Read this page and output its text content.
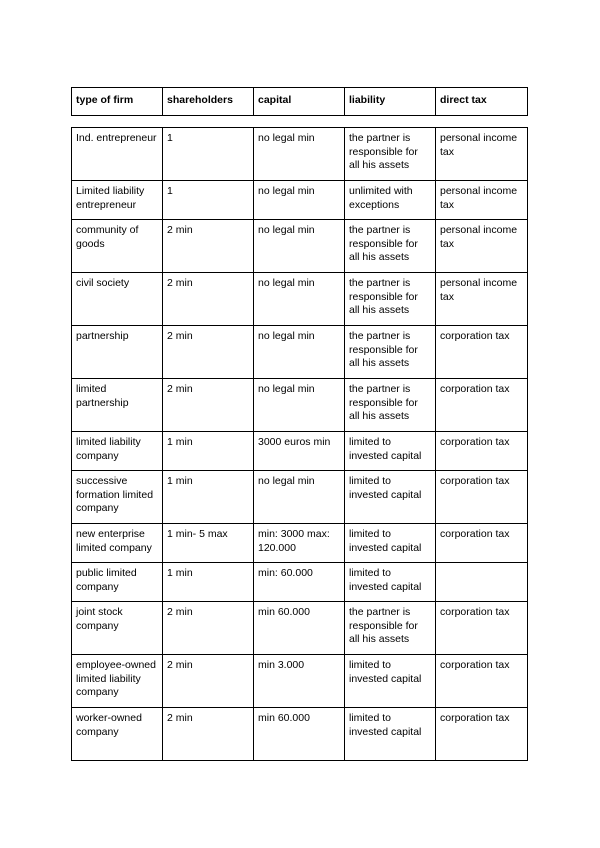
type of firm	shareholders	capital	liability	direct tax
Ind. entrepreneur	1	no legal min	the partner is responsible for all his assets	personal income tax
Limited liability entrepreneur	1	no legal min	unlimited with exceptions	personal income tax
community of goods	2 min	no legal min	the partner is responsible for all his assets	personal income tax
civil society	2 min	no legal min	the partner is responsible for all his assets	personal income tax
partnership	2 min	no legal min	the partner is responsible for all his assets	corporation tax
limited partnership	2 min	no legal min	the partner is responsible for all his assets	corporation tax
limited liability company	1 min	3000 euros min	limited to invested capital	corporation tax
successive formation limited company	1 min	no legal min	limited to invested capital	corporation tax
new enterprise limited company	1 min- 5 max	min: 3000 max: 120.000	limited to invested capital	corporation tax
public limited company	1 min	min: 60.000	limited to invested capital	
joint stock company	2 min	min 60.000	the partner is responsible for all his assets	corporation tax
employee-owned limited liability company	2 min	min 3.000	limited to invested capital	corporation tax
worker-owned company	2 min	min 60.000	limited to invested capital	corporation tax
